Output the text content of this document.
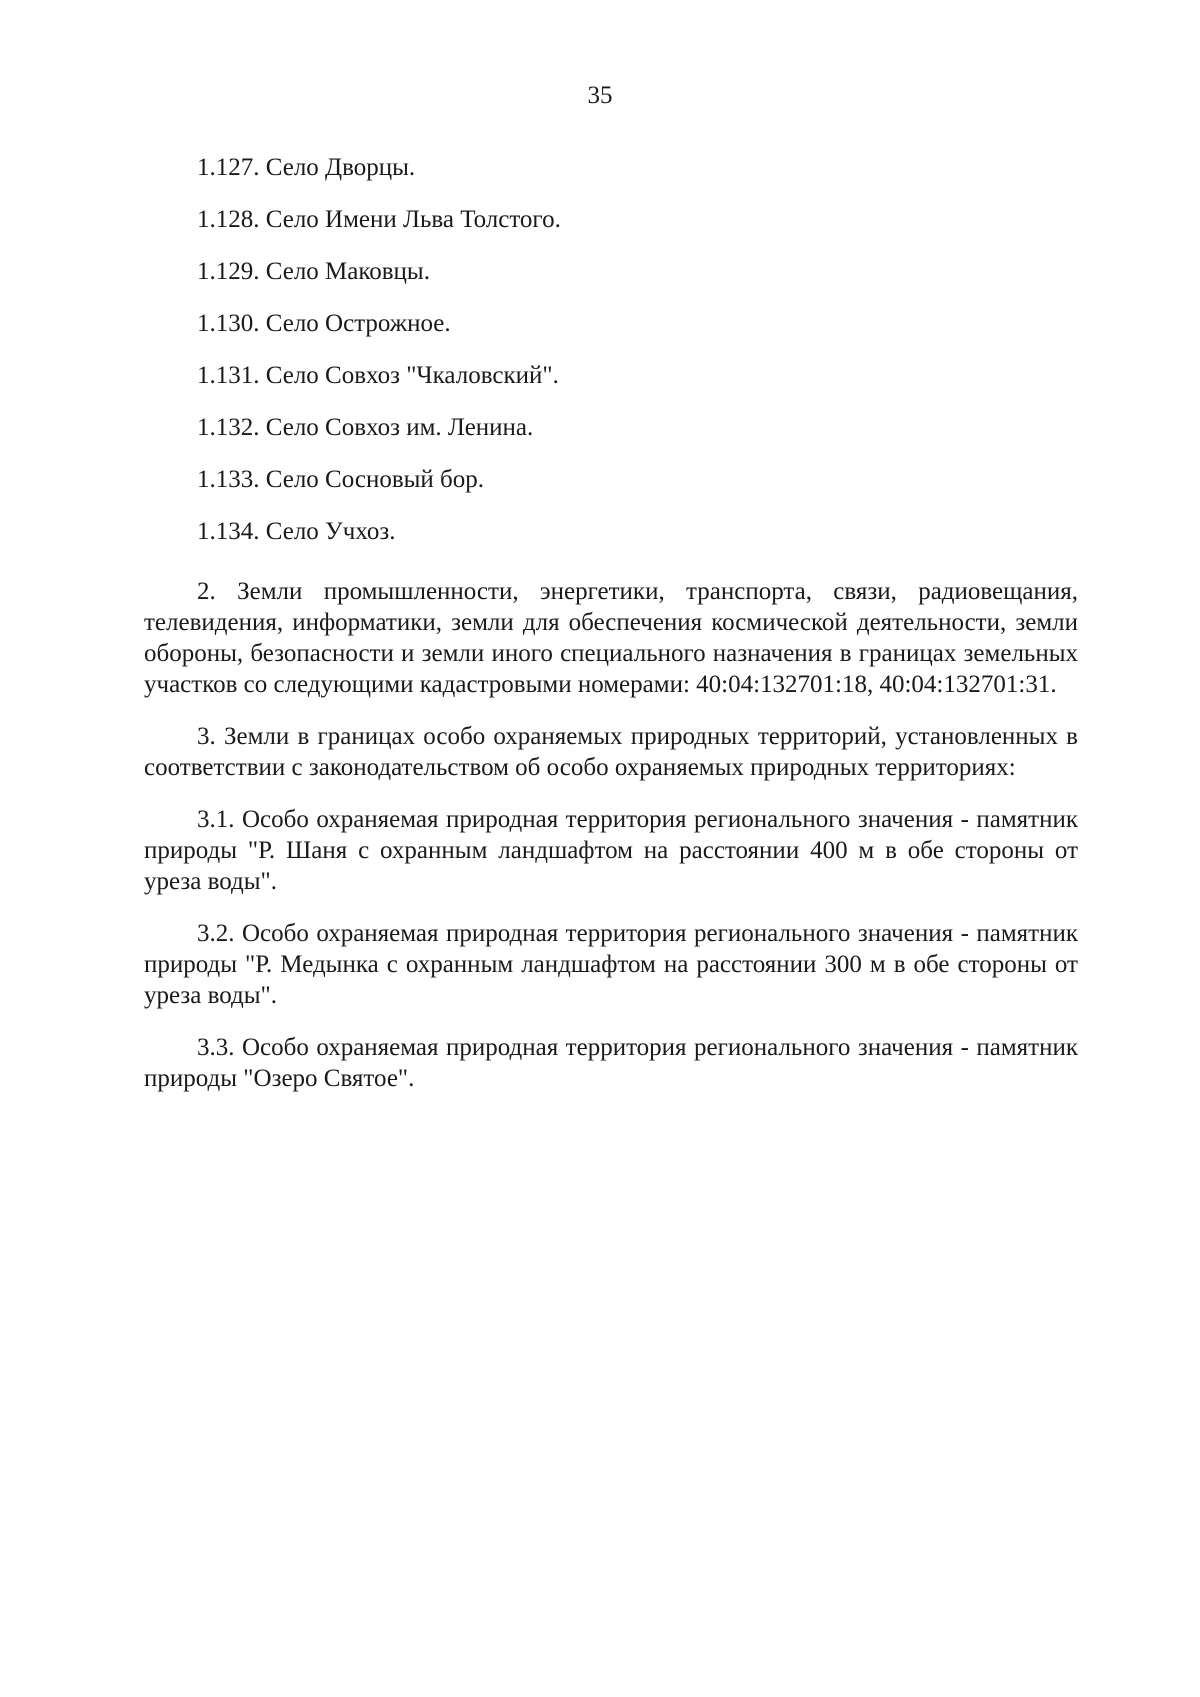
35
1.127. Село Дворцы.
1.128. Село Имени Льва Толстого.
1.129. Село Маковцы.
1.130. Село Острожное.
1.131. Село Совхоз "Чкаловский".
1.132. Село Совхоз им. Ленина.
1.133. Село Сосновый бор.
1.134. Село Учхоз.

2. Земли промышленности, энергетики, транспорта, связи, радиовещания, телевидения, информатики, земли для обеспечения космической деятельности, земли обороны, безопасности и земли иного специального назначения в границах земельных участков со следующими кадастровыми номерами: 40:04:132701:18, 40:04:132701:31.

3. Земли в границах особо охраняемых природных территорий, установленных в соответствии с законодательством об особо охраняемых природных территориях:

3.1. Особо охраняемая природная территория регионального значения - памятник природы "Р. Шаня с охранным ландшафтом на расстоянии 400 м в обе стороны от уреза воды".

3.2. Особо охраняемая природная территория регионального значения - памятник природы "Р. Медынка с охранным ландшафтом на расстоянии 300 м в обе стороны от уреза воды".

3.3. Особо охраняемая природная территория регионального значения - памятник природы "Озеро Святое".
